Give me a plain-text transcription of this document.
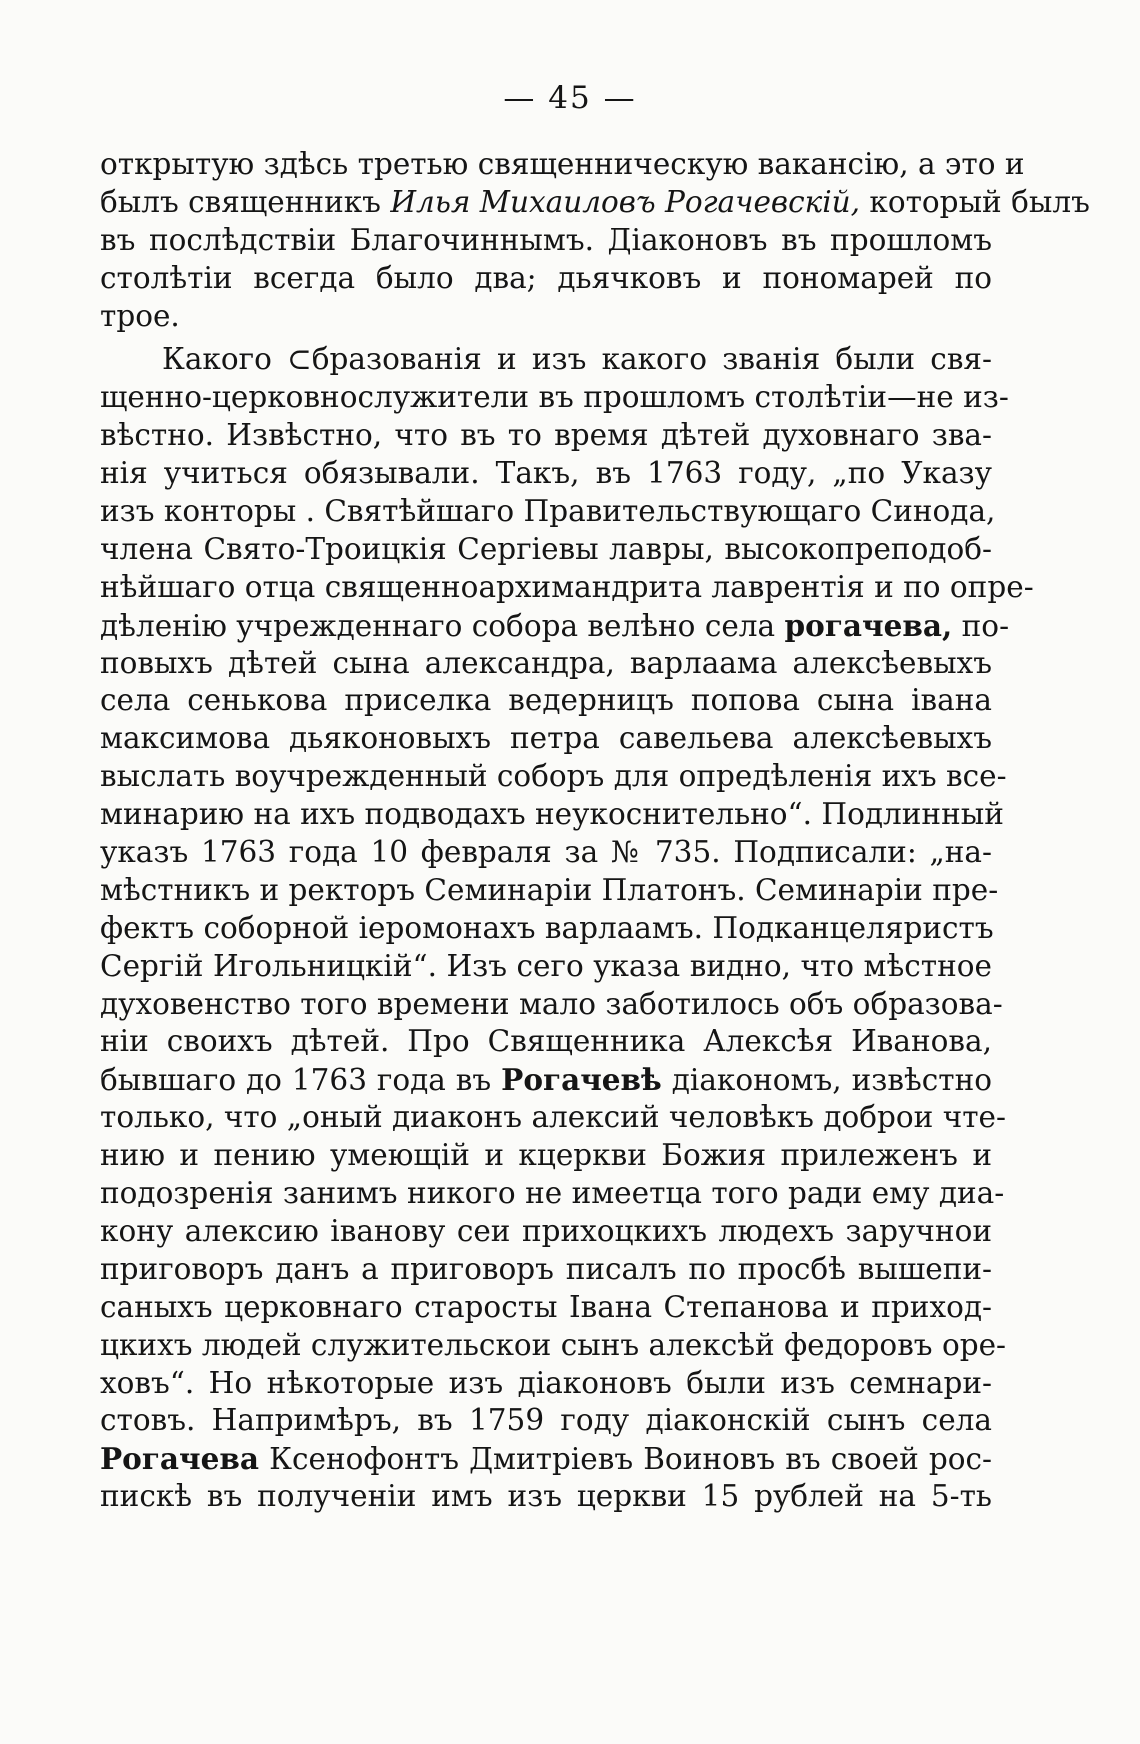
— 45 —
открытую здѣсь третью священническую вакансію, а это и
былъ священникъ Илья Михаиловъ Рогачевскій, который былъ
въ послѣдствіи Благочиннымъ. Діаконовъ въ прошломъ
столѣтіи всегда было два; дьячковъ и пономарей по
трое.
Какого ⊂бразованія и изъ какого званія были свя-
щенно-церковнослужители въ прошломъ столѣтіи—не из-
вѣстно. Извѣстно, что въ то время дѣтей духовнаго зва-
нія учиться обязывали. Такъ, въ 1763 году, „по Указу
изъ конторы . Святѣйшаго Правительствующаго Синода,
члена Свято-Троицкія Сергіевы лавры, высокопреподоб-
нѣйшаго отца священноархимандрита лаврентія и по опре-
дѣленію учрежденнаго собора велѣно села рогачева, по-
повыхъ дѣтей сына александра, варлаама алексѣевыхъ
села сенькова приселка ведерницъ попова сына івана
максимова дьяконовыхъ петра савельева алексѣевыхъ
выслать воучрежденный соборъ для опредѣленія ихъ все-
минарию на ихъ подводахъ неукоснительно“. Подлинный
указъ 1763 года 10 февраля за № 735. Подписали: „на-
мѣстникъ и ректоръ Семинаріи Платонъ. Семинаріи пре-
фектъ соборной іеромонахъ варлаамъ. Подканцеляристъ
Сергій Игольницкій“. Изъ сего указа видно, что мѣстное
духовенство того времени мало заботилось объ образова-
ніи своихъ дѣтей. Про Священника Алексѣя Иванова,
бывшаго до 1763 года въ Рогачевѣ діакономъ, извѣстно
только, что „оный диаконъ алексий человѣкъ доброи чте-
нию и пению умеющій и кцеркви Божия прилеженъ и
подозренія занимъ никого не имеетца того ради ему диа-
кону алексию іванову сеи прихоцкихъ людехъ заручнои
приговоръ данъ а приговоръ писалъ по просбѣ вышепи-
саныхъ церковнаго старосты Івана Степанова и приход-
цкихъ людей служительскои сынъ алексѣй федоровъ оре-
ховъ“. Но нѣкоторые изъ діаконовъ были изъ семнари-
стовъ. Напримѣръ, въ 1759 году діаконскій сынъ села
Рогачева Ксенофонтъ Дмитріевъ Воиновъ въ своей рос-
пискѣ въ полученіи имъ изъ церкви 15 рублей на 5-ть
